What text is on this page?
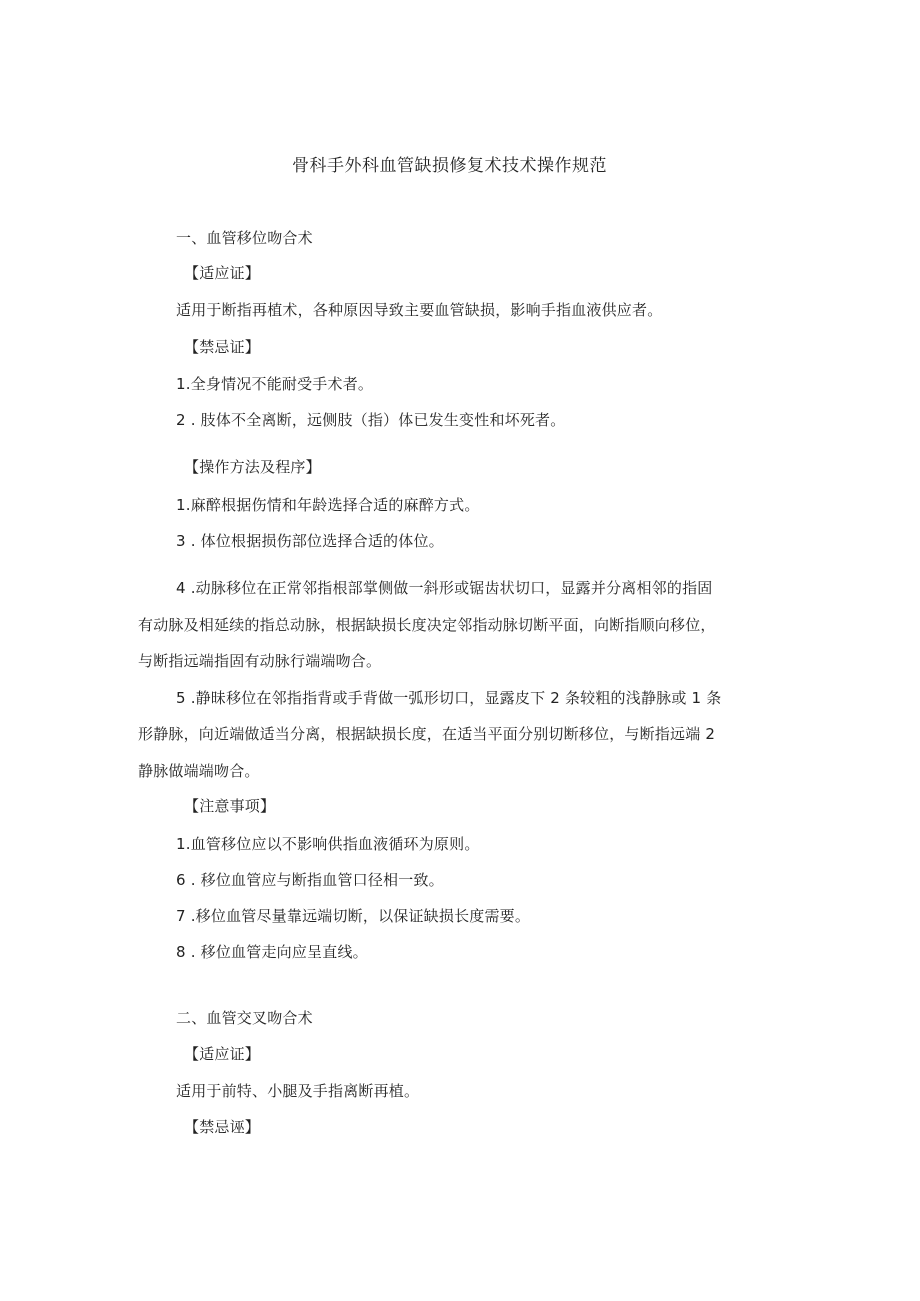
骨科手外科血管缺损修复术技术操作规范
一、血管移位吻合术
【适应证】
适用于断指再植术，各种原因导致主要血管缺损，影响手指血液供应者。
【禁忌证】
1.全身情况不能耐受手术者。
2 . 肢体不全离断，远侧肢（指）体已发生变性和坏死者。
【操作方法及程序】
1.麻醉根据伤情和年龄选择合适的麻醉方式。
3 . 体位根据损伤部位选择合适的体位。
4 .动脉移位在正常邻指根部掌侧做一斜形或锯齿状切口，显露并分离相邻的指固
有动脉及相延续的指总动脉，根据缺损长度决定邻指动脉切断平面，向断指顺向移位，
与断指远端指固有动脉行端端吻合。
5 .静昧移位在邻指指背或手背做一弧形切口，显露皮下 2 条较粗的浅静脉或 1 条
形静脉，向近端做适当分离，根据缺损长度，在适当平面分别切断移位，与断指远端 2
静脉做端端吻合。
【注意事项】
1.血管移位应以不影响供指血液循环为原则。
6 . 移位血管应与断指血管口径相一致。
7 .移位血管尽量靠远端切断，以保证缺损长度需要。
8 . 移位血管走向应呈直线。
二、血管交叉吻合术
【适应证】
适用于前特、小腿及手指离断再植。
【禁忌诬】
